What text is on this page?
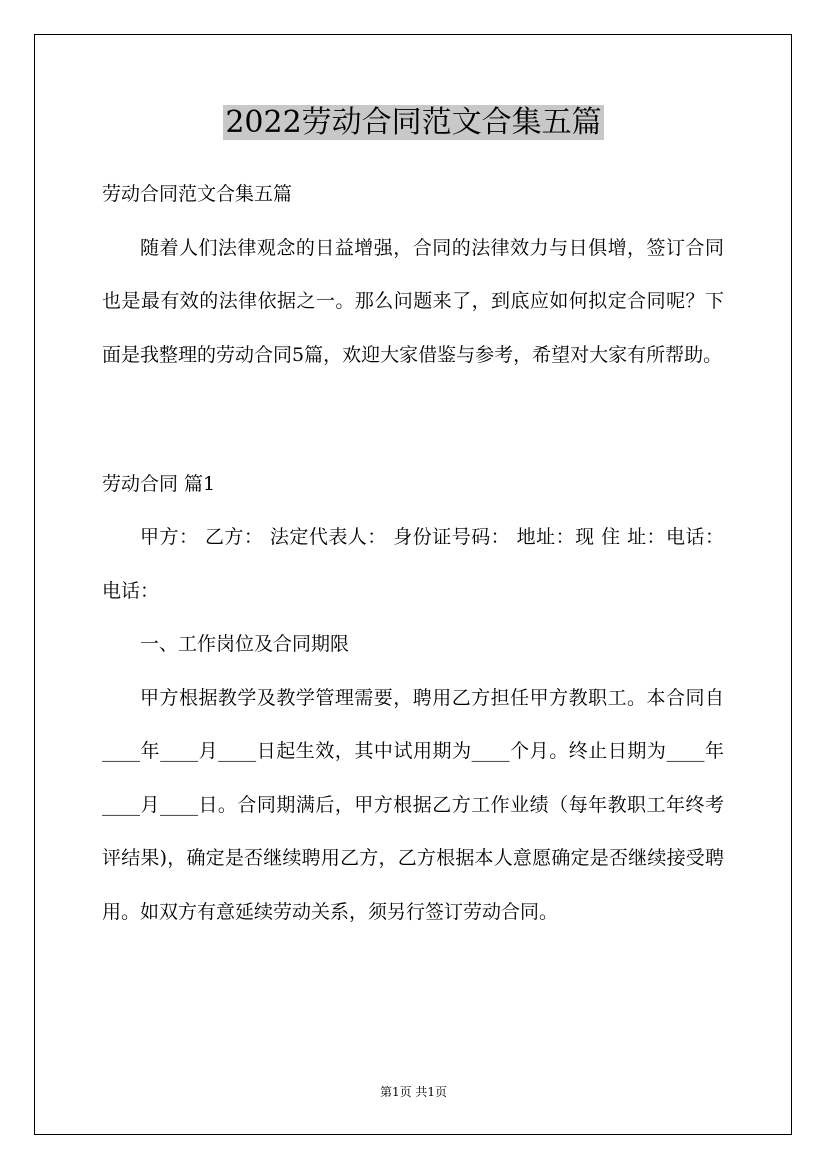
2022劳动合同范文合集五篇

劳动合同范文合集五篇

随着人们法律观念的日益增强，合同的法律效力与日俱增，签订合同也是最有效的法律依据之一。那么问题来了，到底应如何拟定合同呢？下面是我整理的劳动合同5篇，欢迎大家借鉴与参考，希望对大家有所帮助。

劳动合同 篇1

甲方： 乙方： 法定代表人： 身份证号码： 地址：现 住 址：电话： 电话：

一、工作岗位及合同期限

甲方根据教学及教学管理需要，聘用乙方担任甲方教职工。本合同自____年____月____日起生效，其中试用期为____个月。终止日期为____年____月____日。合同期满后，甲方根据乙方工作业绩（每年教职工年终考评结果)，确定是否继续聘用乙方，乙方根据本人意愿确定是否继续接受聘用。如双方有意延续劳动关系，须另行签订劳动合同。

第1页 共1页
